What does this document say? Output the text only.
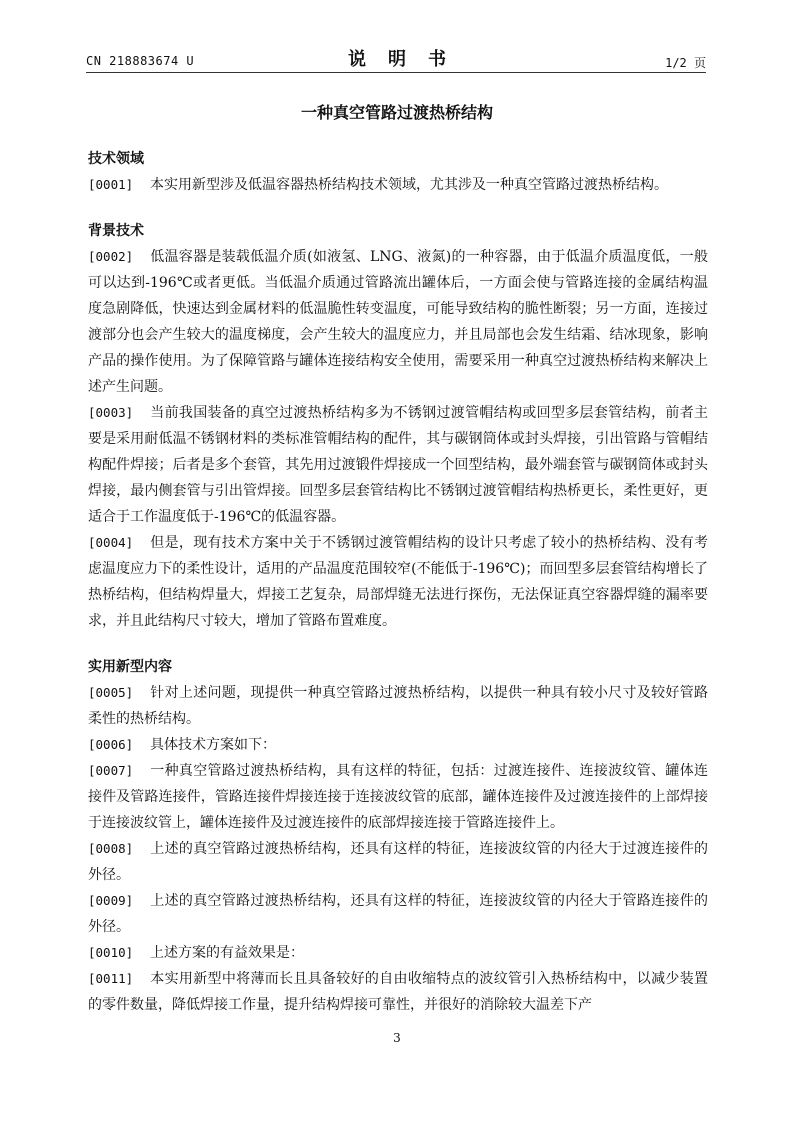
CN 218883674 U	说明书	1/2 页
一种真空管路过渡热桥结构
技术领域

[0001] 本实用新型涉及低温容器热桥结构技术领域，尤其涉及一种真空管路过渡热桥结构。

背景技术

[0002] 低温容器是装载低温介质(如液氢、LNG、液氮)的一种容器，由于低温介质温度低，一般可以达到-196℃或者更低。当低温介质通过管路流出罐体后，一方面会使与管路连接的金属结构温度急剧降低，快速达到金属材料的低温脆性转变温度，可能导致结构的脆性断裂；另一方面，连接过渡部分也会产生较大的温度梯度，会产生较大的温度应力，并且局部也会发生结霜、结冰现象，影响产品的操作使用。为了保障管路与罐体连接结构安全使用，需要采用一种真空过渡热桥结构来解决上述产生问题。

[0003] 当前我国装备的真空过渡热桥结构多为不锈钢过渡管帽结构或回型多层套管结构，前者主要是采用耐低温不锈钢材料的类标准管帽结构的配件，其与碳钢筒体或封头焊接，引出管路与管帽结构配件焊接；后者是多个套管，其先用过渡锻件焊接成一个回型结构，最外端套管与碳钢筒体或封头焊接，最内侧套管与引出管焊接。回型多层套管结构比不锈钢过渡管帽结构热桥更长，柔性更好，更适合于工作温度低于-196℃的低温容器。

[0004] 但是，现有技术方案中关于不锈钢过渡管帽结构的设计只考虑了较小的热桥结构、没有考虑温度应力下的柔性设计，适用的产品温度范围较窄(不能低于-196℃)；而回型多层套管结构增长了热桥结构，但结构焊量大，焊接工艺复杂，局部焊缝无法进行探伤，无法保证真空容器焊缝的漏率要求，并且此结构尺寸较大，增加了管路布置难度。

实用新型内容

[0005] 针对上述问题，现提供一种真空管路过渡热桥结构，以提供一种具有较小尺寸及较好管路柔性的热桥结构。

[0006] 具体技术方案如下：

[0007] 一种真空管路过渡热桥结构，具有这样的特征，包括：过渡连接件、连接波纹管、罐体连接件及管路连接件，管路连接件焊接连接于连接波纹管的底部，罐体连接件及过渡连接件的上部焊接于连接波纹管上，罐体连接件及过渡连接件的底部焊接连接于管路连接件上。

[0008] 上述的真空管路过渡热桥结构，还具有这样的特征，连接波纹管的内径大于过渡连接件的外径。

[0009] 上述的真空管路过渡热桥结构，还具有这样的特征，连接波纹管的内径大于管路连接件的外径。

[0010] 上述方案的有益效果是：

[0011] 本实用新型中将薄而长且具备较好的自由收缩特点的波纹管引入热桥结构中，以减少装置的零件数量，降低焊接工作量，提升结构焊接可靠性，并很好的消除较大温差下产

3
